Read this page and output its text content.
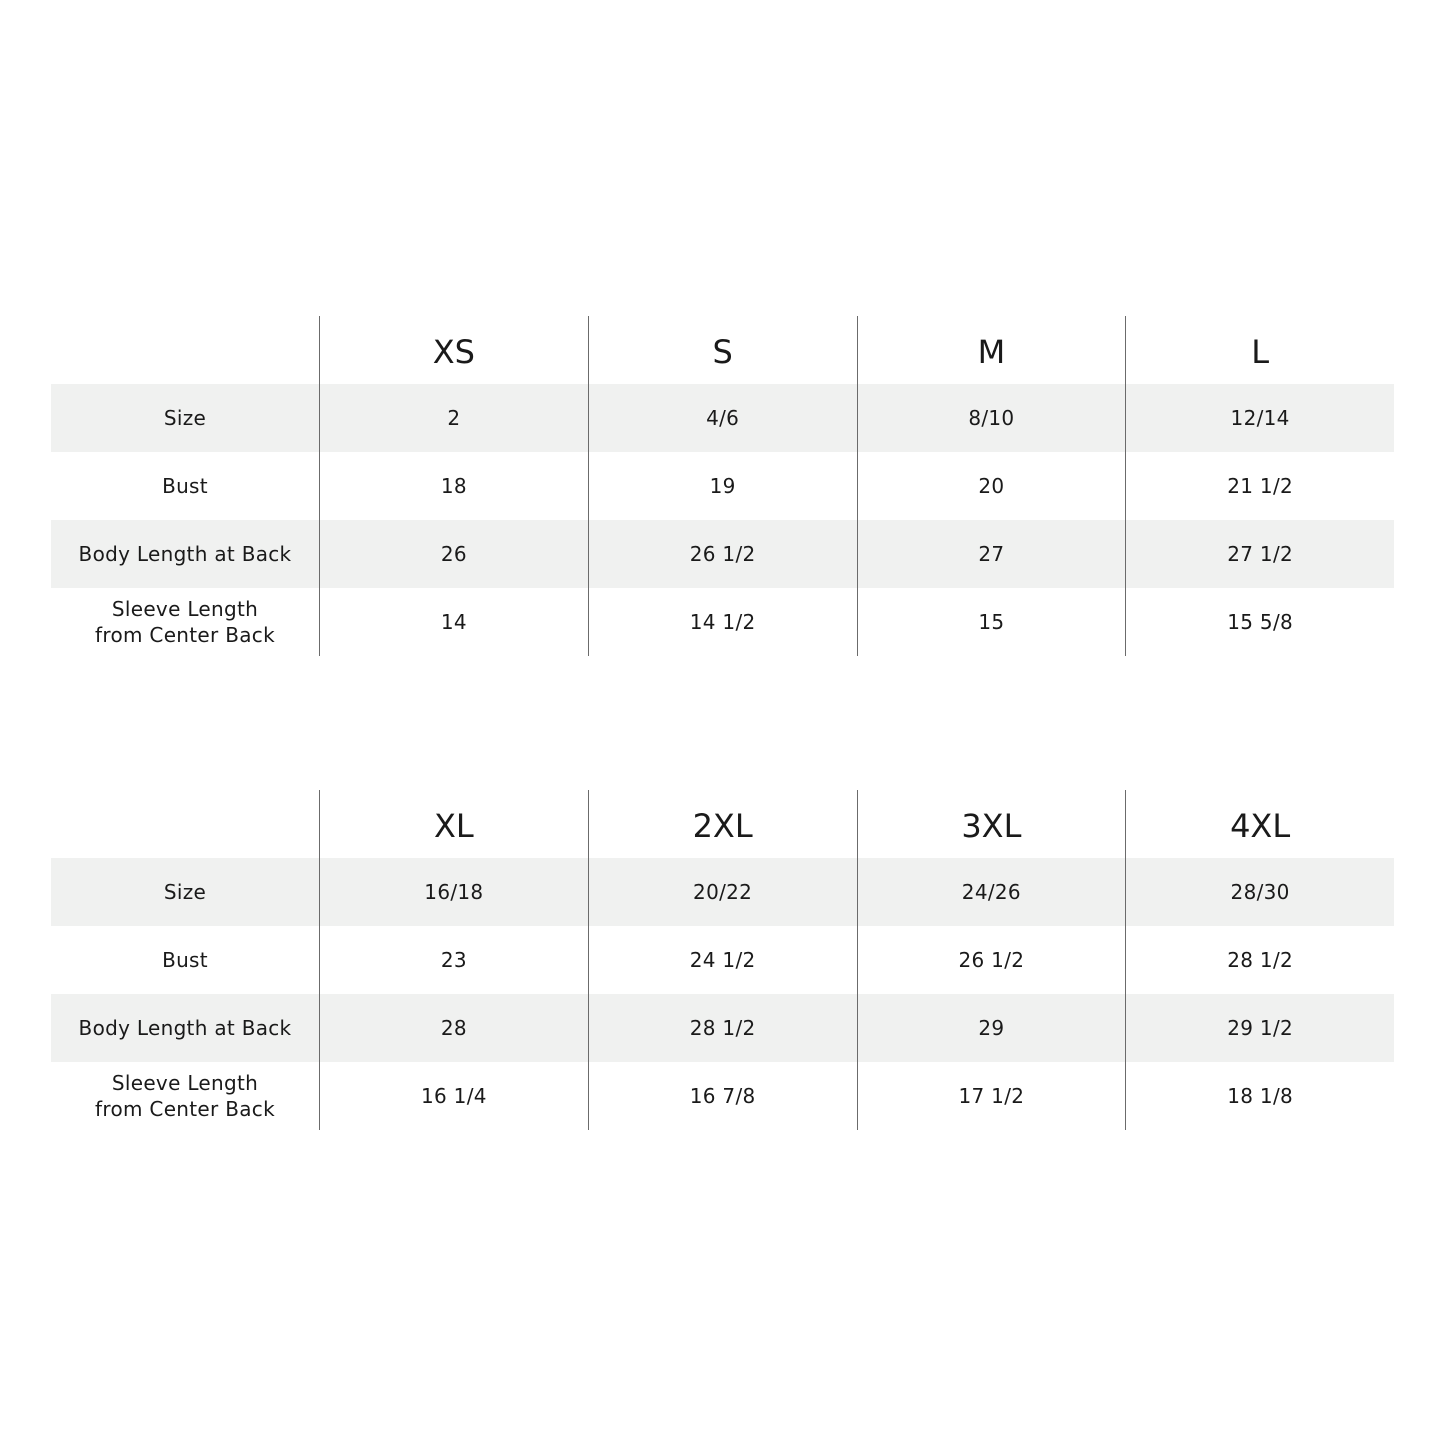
XS	S	M	L
Size	2	4/6	8/10	12/14
Bust	18	19	20	21 1/2
Body Length at Back	26	26 1/2	27	27 1/2
Sleeve Length
from Center Back
14	14 1/2	15	15 5/8
XL	2XL	3XL	4XL
Size	16/18	20/22	24/26	28/30
Bust	23	24 1/2	26 1/2	28 1/2
Body Length at Back	28	28 1/2	29	29 1/2
Sleeve Length
from Center Back
16 1/4	16 7/8	17 1/2	18 1/8
